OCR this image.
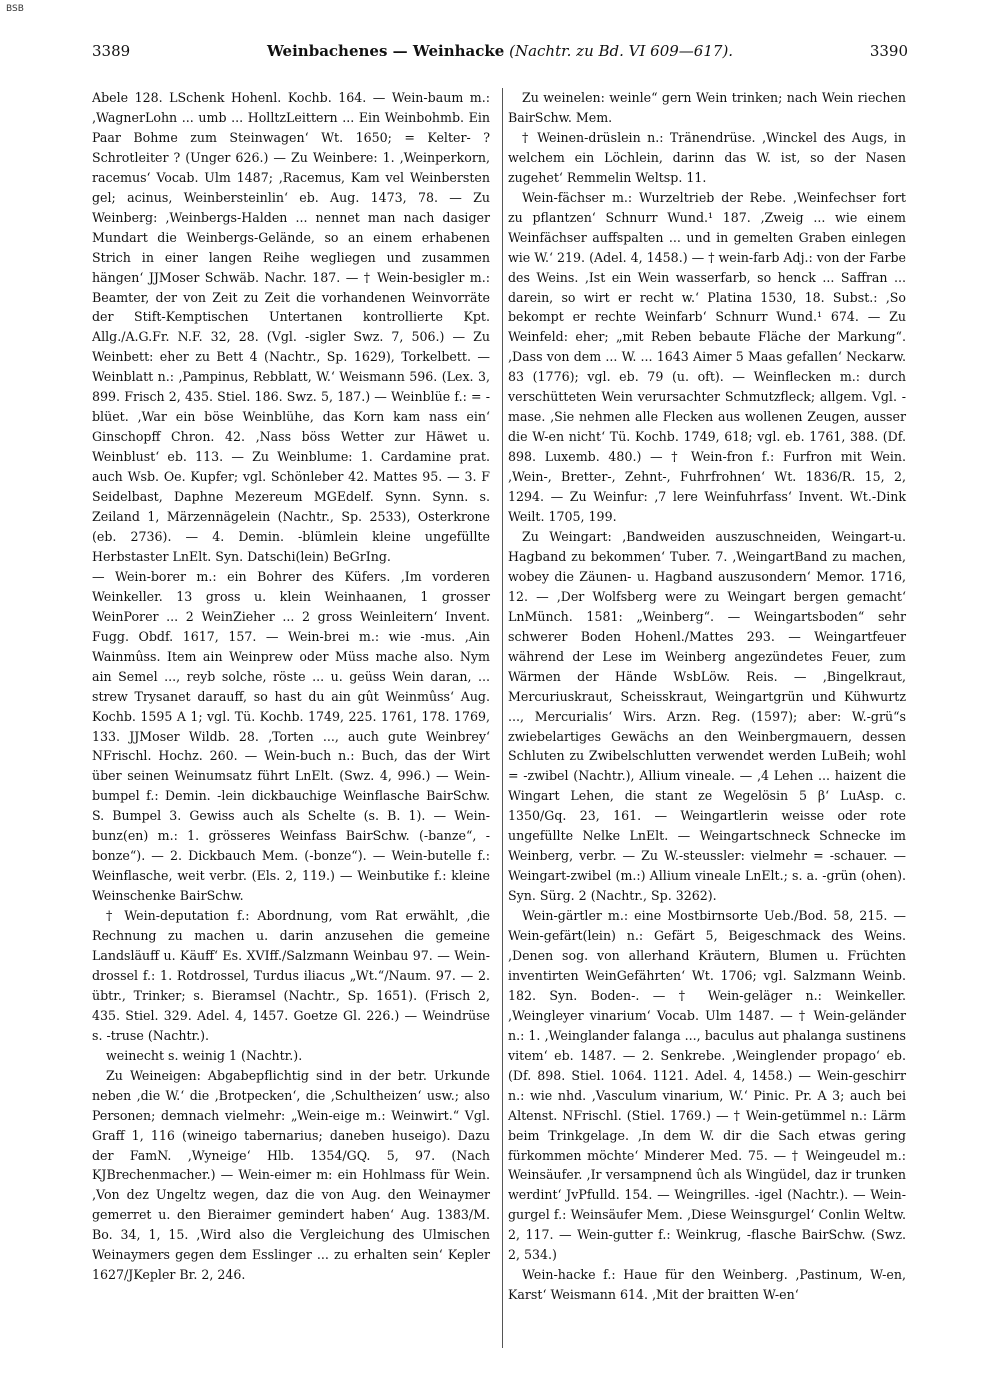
BSB
3389	Weinbachenes — Weinhacke (Nachtr. zu Bd. VI 609—617).	3390

Abele 128. LSchenk Hohenl. Kochb. 164. — Wein-baum m.: ‚WagnerLohn ... umb ... HolltzLeittern ... Ein Weinbohmb. Ein Paar Bohme zum Steinwagen‘ Wt. 1650; = Kelter- ? Schrotleiter ? (Unger 626.) — Zu Weinbere: 1. ‚Weinperkorn, racemus‘ Vocab. Ulm 1487; ‚Racemus, Kam vel Weinbersten gel; acinus, Weinbersteinlin‘ eb. Aug. 1473, 78. — Zu Weinberg: ‚Weinbergs-Halden ... nennet man nach dasiger Mundart die Weinbergs-Gelände, so an einem erhabenen Strich in einer langen Reihe wegliegen und zusammen hängen‘ JJMoser Schwäb. Nachr. 187. — † Wein-besigler m.: Beamter, der von Zeit zu Zeit die vorhandenen Weinvorräte der Stift-Kemptischen Untertanen kontrollierte Kpt. Allg./A.G.Fr. N.F. 32, 28. (Vgl. -sigler Swz. 7, 506.) — Zu Weinbett: eher zu Bett 4 (Nachtr., Sp. 1629), Torkelbett. — Weinblatt n.: ‚Pampinus, Rebblatt, W.‘ Weismann 596. (Lex. 3, 899. Frisch 2, 435. Stiel. 186. Swz. 5, 187.) — Weinblüe f.: = -blüet. ‚War ein böse Weinblühe, das Korn kam nass ein‘ Ginschopff Chron. 42. ‚Nass böss Wetter zur Häwet u. Weinblust‘ eb. 113. — Zu Weinblume: 1. Cardamine prat. auch Wsb. Oe. Kupfer; vgl. Schönleber 42. Mattes 95. — 3. F Seidelbast, Daphne Mezereum MGEdelf. Synn. Synn. s. Zeiland 1, Märzennägelein (Nachtr., Sp. 2533), Osterkrone (eb. 2736). — 4. Demin. -blümlein kleine ungefüllte Herbstaster LnElt. Syn. Datschi(lein) BeGrIng.

— Wein-borer m.: ein Bohrer des Küfers. ‚Im vorderen Weinkeller. 13 gross u. klein Weinhaanen, 1 grosser WeinPorer ... 2 WeinZieher ... 2 gross Weinleitern‘ Invent. Fugg. Obdf. 1617, 157. — Wein-brei m.: wie -mus. ‚Ain Wainmûss. Item ain Weinprew oder Müss mache also. Nym ain Semel ..., reyb solche, röste ... u. geüss Wein daran, ... strew Trysanet darauff, so hast du ain gût Weinmûss‘ Aug. Kochb. 1595 A 1; vgl. Tü. Kochb. 1749, 225. 1761, 178. 1769, 133. JJMoser Wildb. 28. ‚Torten ..., auch gute Weinbrey‘ NFrischl. Hochz. 260. — Wein-buch n.: Buch, das der Wirt über seinen Weinumsatz führt LnElt. (Swz. 4, 996.) — Wein-bumpel f.: Demin. -lein dickbauchige Weinflasche BairSchw. S. Bumpel 3. Gewiss auch als Schelte (s. B. 1). — Wein-bunz(en) m.: 1. grösseres Weinfass BairSchw. (-banze“, -bonze“). — 2. Dickbauch Mem. (-bonze“). — Wein-butelle f.: Weinflasche, weit verbr. (Els. 2, 119.) — Weinbutike f.: kleine Weinschenke BairSchw.

† Wein-deputation f.: Abordnung, vom Rat erwählt, ‚die Rechnung zu machen u. darin anzusehen die gemeine Landsläuff u. Käuff‘ Es. XVIff./Salzmann Weinbau 97. — Wein-drossel f.: 1. Rotdrossel, Turdus iliacus „Wt.“/Naum. 97. — 2. übtr., Trinker; s. Bieramsel (Nachtr., Sp. 1651). (Frisch 2, 435. Stiel. 329. Adel. 4, 1457. Goetze Gl. 226.) — Weindrüse s. -truse (Nachtr.).

weinecht s. weinig 1 (Nachtr.).

Zu Weineigen: Abgabepflichtig sind in der betr. Urkunde neben ‚die W.‘ die ‚Brotpecken‘, die ‚Schultheizen‘ usw.; also Personen; demnach vielmehr: „Wein-eige m.: Weinwirt.“ Vgl. Graff 1, 116 (wineigo tabernarius; daneben huseigo). Dazu der FamN. ‚Wyneige‘ Hlb. 1354/GQ. 5, 97. (Nach KJBrechenmacher.) — Wein-eimer m: ein Hohlmass für Wein. ‚Von dez Ungeltz wegen, daz die von Aug. den Weinaymer gemerret u. den Bieraimer gemindert haben‘ Aug. 1383/M. Bo. 34, 1, 15. ‚Wird also die Vergleichung des Ulmischen Weinaymers gegen dem Esslinger ... zu erhalten sein‘ Kepler 1627/JKepler Br. 2, 246.

Zu weinelen: weinle“ gern Wein trinken; nach Wein riechen BairSchw. Mem.

† Weinen-drüslein n.: Tränendrüse. ‚Winckel des Augs, in welchem ein Löchlein, darinn das W. ist, so der Nasen zugehet‘ Remmelin Weltsp. 11.

Wein-fächser m.: Wurzeltrieb der Rebe. ‚Weinfechser fort zu pflantzen‘ Schnurr Wund.¹ 187. ‚Zweig ... wie einem Weinfächser auffspalten ... und in gemelten Graben einlegen wie W.‘ 219. (Adel. 4, 1458.) — † wein-farb Adj.: von der Farbe des Weins. ‚Ist ein Wein wasserfarb, so henck ... Saffran ... darein, so wirt er recht w.‘ Platina 1530, 18. Subst.: ‚So bekompt er rechte Weinfarb‘ Schnurr Wund.¹ 674. — Zu Weinfeld: eher; „mit Reben bebaute Fläche der Markung“. ‚Dass von dem ... W. ... 1643 Aimer 5 Maas gefallen‘ Neckarw. 83 (1776); vgl. eb. 79 (u. oft). — Weinflecken m.: durch verschütteten Wein verursachter Schmutzfleck; allgem. Vgl. -mase. ‚Sie nehmen alle Flecken aus wollenen Zeugen, ausser die W-en nicht‘ Tü. Kochb. 1749, 618; vgl. eb. 1761, 388. (Df. 898. Luxemb. 480.) — † Wein-fron f.: Furfron mit Wein. ‚Wein-, Bretter-, Zehnt-, Fuhrfrohnen‘ Wt. 1836/R. 15, 2, 1294. — Zu Weinfur: ‚7 lere Weinfuhrfass‘ Invent. Wt.-Dink Weilt. 1705, 199.

Zu Weingart: ‚Bandweiden auszuschneiden, Weingart-u. Hagband zu bekommen‘ Tuber. 7. ‚WeingartBand zu machen, wobey die Zäunen- u. Hagband auszusondern‘ Memor. 1716, 12. — ‚Der Wolfsberg were zu Weingart bergen gemacht‘ LnMünch. 1581: „Weinberg“. — Weingartsboden“ sehr schwerer Boden Hohenl./Mattes 293. — Weingartfeuer während der Lese im Weinberg angezündetes Feuer, zum Wärmen der Hände WsbLöw. Reis. — ‚Bingelkraut, Mercuriuskraut, Scheisskraut, Weingartgrün und Kühwurtz ..., Mercurialis‘ Wirs. Arzn. Reg. (1597); aber: W.-grü“s zwiebelartiges Gewächs an den Weinbergmauern, dessen Schluten zu Zwibelschlutten verwendet werden LuBeih; wohl = -zwibel (Nachtr.), Allium vineale. — ‚4 Lehen ... haizent die Wingart Lehen, die stant ze Wegelösin 5 β‘ LuAsp. c. 1350/Gq. 23, 161. — Weingartlerin weisse oder rote ungefüllte Nelke LnElt. — Weingartschneck Schnecke im Weinberg, verbr. — Zu W.-steussler: vielmehr = -schauer. — Weingart-zwibel (m.:) Allium vineale LnElt.; s. a. -grün (ohen). Syn. Sürg. 2 (Nachtr., Sp. 3262).

Wein-gärtler m.: eine Mostbirnsorte Ueb./Bod. 58, 215. — Wein-gefärt(lein) n.: Gefärt 5, Beigeschmack des Weins. ‚Denen sog. von allerhand Kräutern, Blumen u. Früchten inventirten WeinGefährten‘ Wt. 1706; vgl. Salzmann Weinb. 182. Syn. Boden-. — † Wein-geläger n.: Weinkeller. ‚Weingleyer vinarium‘ Vocab. Ulm 1487. — † Wein-geländer n.: 1. ‚Weinglander falanga ..., baculus aut phalanga sustinens vitem‘ eb. 1487. — 2. Senkrebe. ‚Weinglender propago‘ eb. (Df. 898. Stiel. 1064. 1121. Adel. 4, 1458.) — Wein-geschirr n.: wie nhd. ‚Vasculum vinarium, W.‘ Pinic. Pr. A 3; auch bei Altenst. NFrischl. (Stiel. 1769.) — † Wein-getümmel n.: Lärm beim Trinkgelage. ‚In dem W. dir die Sach etwas gering fürkommen möchte‘ Minderer Med. 75. — † Weingeudel m.: Weinsäufer. ‚Ir versampnend ûch als Wingüdel, daz ir trunken werdint‘ JvPfulld. 154. — Weingrilles. -igel (Nachtr.). — Wein-gurgel f.: Weinsäufer Mem. ‚Diese Weinsgurgel‘ Conlin Weltw. 2, 117. — Wein-gutter f.: Weinkrug, -flasche BairSchw. (Swz. 2, 534.)

Wein-hacke f.: Haue für den Weinberg. ‚Pastinum, W-en, Karst‘ Weismann 614. ‚Mit der braitten W-en‘
